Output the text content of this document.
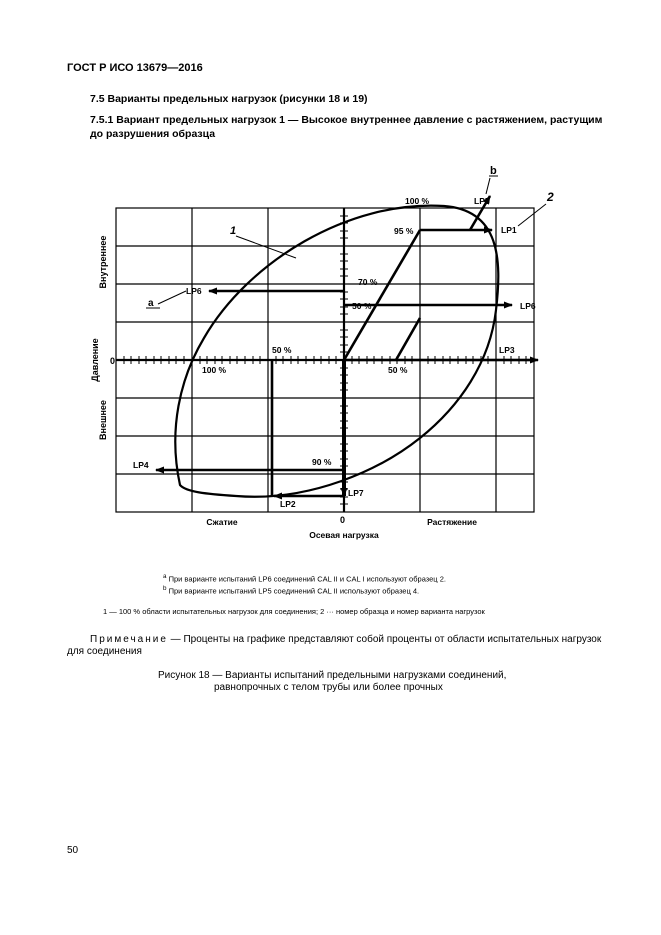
ГОСТ Р ИСО 13679—2016
7.5 Варианты предельных нагрузок (рисунки 18 и 19)
7.5.1 Вариант предельных нагрузок 1 — Высокое внутреннее давление с растяжением, растущим до разрушения образца
Внутреннее
Давление
Внешнее
0
0
Сжатие	Растяжение
Осевая нагрузка
1
2
a
b
LP5
100 %
LP1
95 %
70 %
LP6
50 %	LP6
50 %	LP3
100 %	50 %
90 %
LP4
LP7
LP2
$^a$ При варианте испытаний LP6 соединений CAL II и CAL I используют образец 2.
$^b$ При варианте испытаний LP5 соединений CAL II используют образец 4.
1 — 100 % области испытательных нагрузок для соединения; 2 ··· номер образца и номер варианта нагрузок
Примечание — Проценты на графике представляют собой проценты от области испытательных нагрузок
для соединения
Рисунок 18 — Варианты испытаний предельными нагрузками соединений,
равнопрочных с телом трубы или более прочных
50
